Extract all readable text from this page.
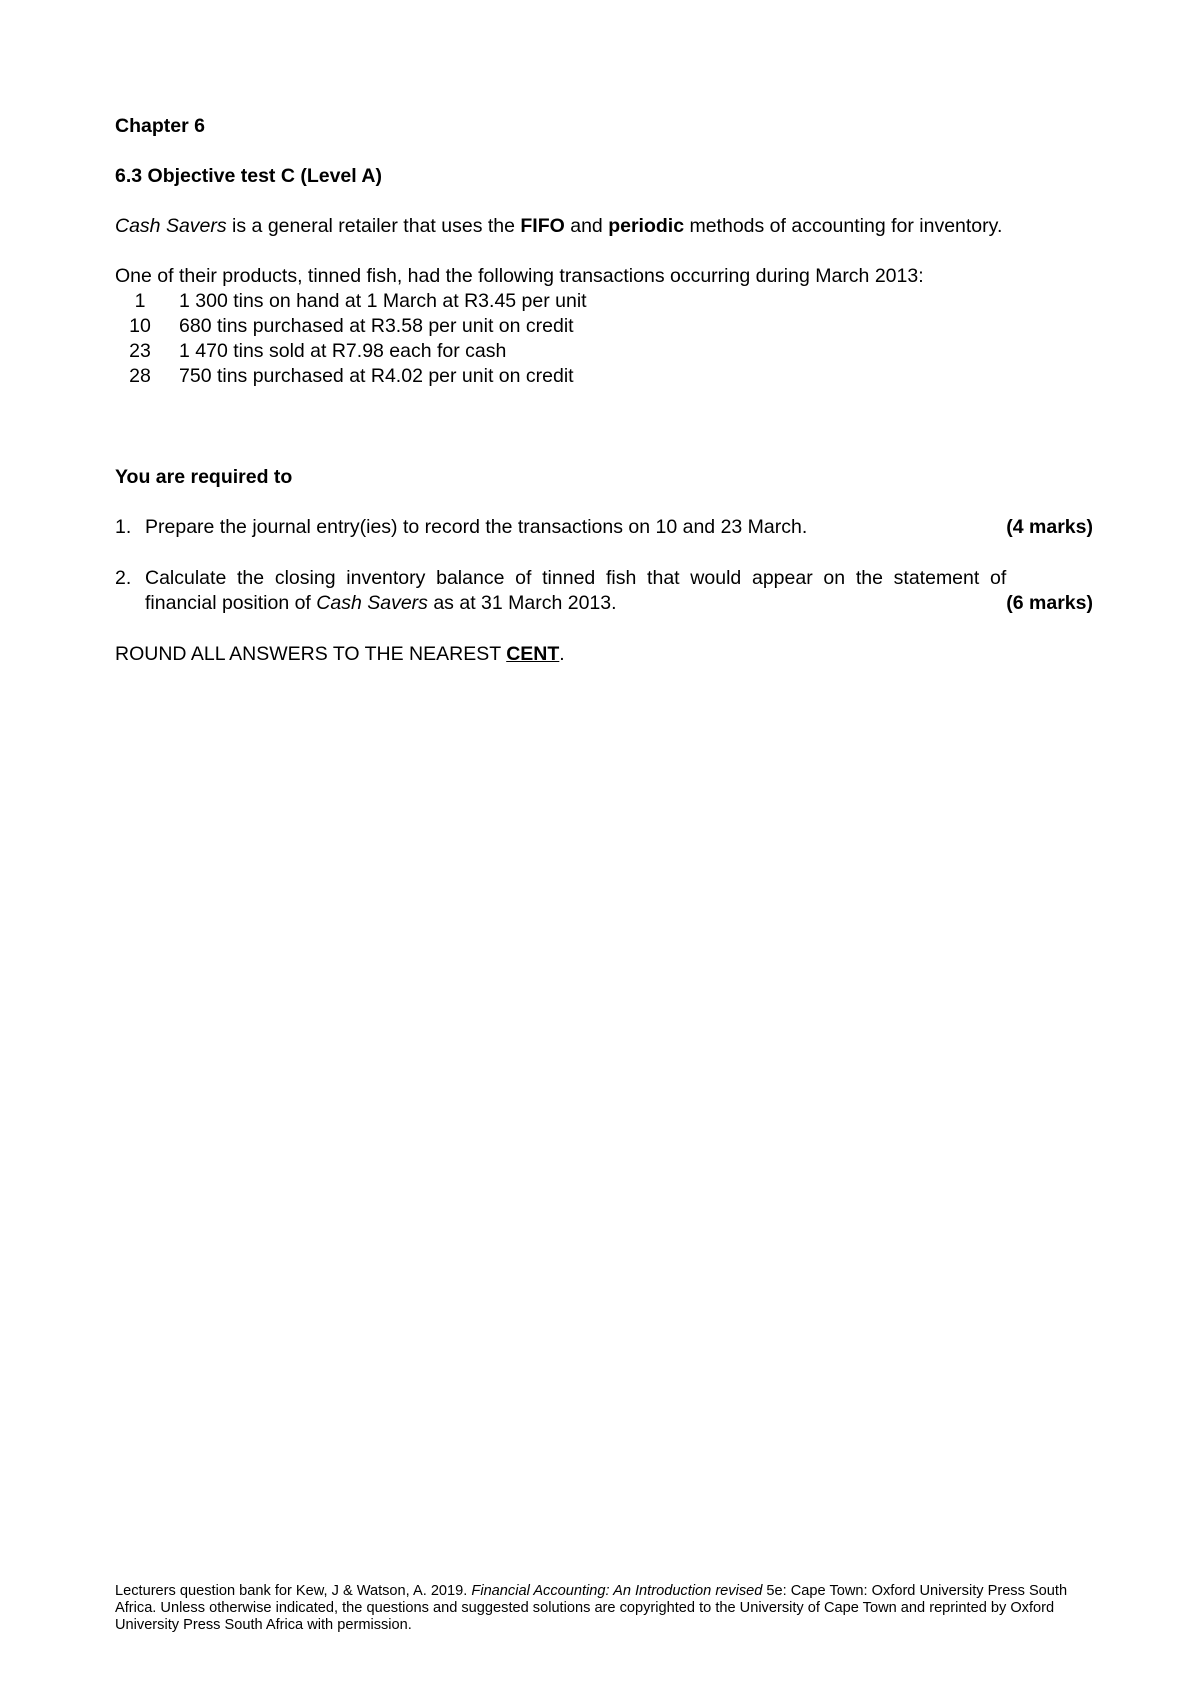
Chapter 6

6.3 Objective test C (Level A)

Cash Savers is a general retailer that uses the FIFO and periodic methods of accounting for inventory.

One of their products, tinned fish, had the following transactions occurring during March 2013:

1	1 300 tins on hand at 1 March at R3.45 per unit
10	680 tins purchased at R3.58 per unit on credit
23	1 470 tins sold at R7.98 each for cash
28	750 tins purchased at R4.02 per unit on credit

You are required to

1. Prepare the journal entry(ies) to record the transactions on 10 and 23 March.	(4 marks)
2. Calculate the closing inventory balance of tinned fish that would appear on the statement of financial position of Cash Savers as at 31 March 2013.	(6 marks)

ROUND ALL ANSWERS TO THE NEAREST CENT.

Lecturers question bank for Kew, J & Watson, A. 2019. Financial Accounting: An Introduction revised 5e: Cape Town: Oxford University Press South Africa. Unless otherwise indicated, the questions and suggested solutions are copyrighted to the University of Cape Town and reprinted by Oxford University Press South Africa with permission.
